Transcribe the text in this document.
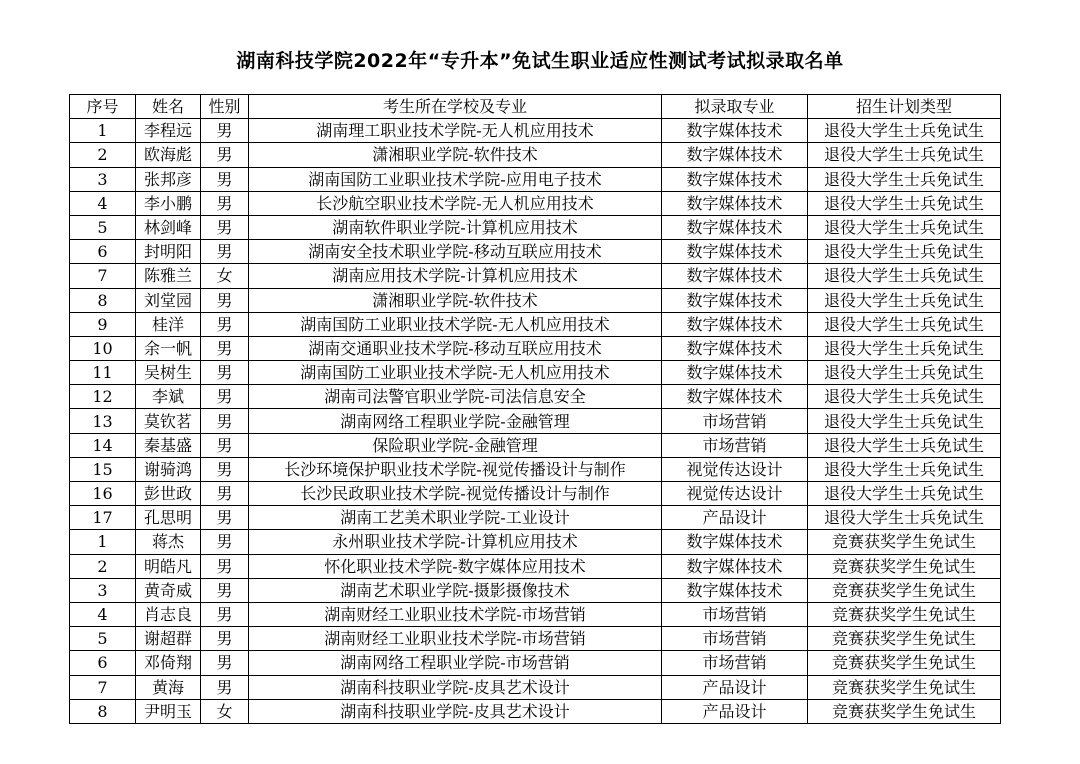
湖南科技学院2022年“专升本”免试生职业适应性测试考试拟录取名单
序号	姓名	性别	考生所在学校及专业	拟录取专业	招生计划类型
1	李程远	男	湖南理工职业技术学院-无人机应用技术	数字媒体技术	退役大学生士兵免试生
2	欧海彪	男	潇湘职业学院-软件技术	数字媒体技术	退役大学生士兵免试生
3	张邦彦	男	湖南国防工业职业技术学院-应用电子技术	数字媒体技术	退役大学生士兵免试生
4	李小鹏	男	长沙航空职业技术学院-无人机应用技术	数字媒体技术	退役大学生士兵免试生
5	林剑峰	男	湖南软件职业学院-计算机应用技术	数字媒体技术	退役大学生士兵免试生
6	封明阳	男	湖南安全技术职业学院-移动互联应用技术	数字媒体技术	退役大学生士兵免试生
7	陈雅兰	女	湖南应用技术学院-计算机应用技术	数字媒体技术	退役大学生士兵免试生
8	刘堂园	男	潇湘职业学院-软件技术	数字媒体技术	退役大学生士兵免试生
9	桂洋	男	湖南国防工业职业技术学院-无人机应用技术	数字媒体技术	退役大学生士兵免试生
10	余一帆	男	湖南交通职业技术学院-移动互联应用技术	数字媒体技术	退役大学生士兵免试生
11	吴树生	男	湖南国防工业职业技术学院-无人机应用技术	数字媒体技术	退役大学生士兵免试生
12	李斌	男	湖南司法警官职业学院-司法信息安全	数字媒体技术	退役大学生士兵免试生
13	莫钦茗	男	湖南网络工程职业学院-金融管理	市场营销	退役大学生士兵免试生
14	秦基盛	男	保险职业学院-金融管理	市场营销	退役大学生士兵免试生
15	谢骑鸿	男	长沙环境保护职业技术学院-视觉传播设计与制作	视觉传达设计	退役大学生士兵免试生
16	彭世政	男	长沙民政职业技术学院-视觉传播设计与制作	视觉传达设计	退役大学生士兵免试生
17	孔思明	男	湖南工艺美术职业学院-工业设计	产品设计	退役大学生士兵免试生
1	蒋杰	男	永州职业技术学院-计算机应用技术	数字媒体技术	竞赛获奖学生免试生
2	明皓凡	男	怀化职业技术学院-数字媒体应用技术	数字媒体技术	竞赛获奖学生免试生
3	黄奇威	男	湖南艺术职业学院-摄影摄像技术	数字媒体技术	竞赛获奖学生免试生
4	肖志良	男	湖南财经工业职业技术学院-市场营销	市场营销	竞赛获奖学生免试生
5	谢超群	男	湖南财经工业职业技术学院-市场营销	市场营销	竞赛获奖学生免试生
6	邓倚翔	男	湖南网络工程职业学院-市场营销	市场营销	竞赛获奖学生免试生
7	黄海	男	湖南科技职业学院-皮具艺术设计	产品设计	竞赛获奖学生免试生
8	尹明玉	女	湖南科技职业学院-皮具艺术设计	产品设计	竞赛获奖学生免试生
